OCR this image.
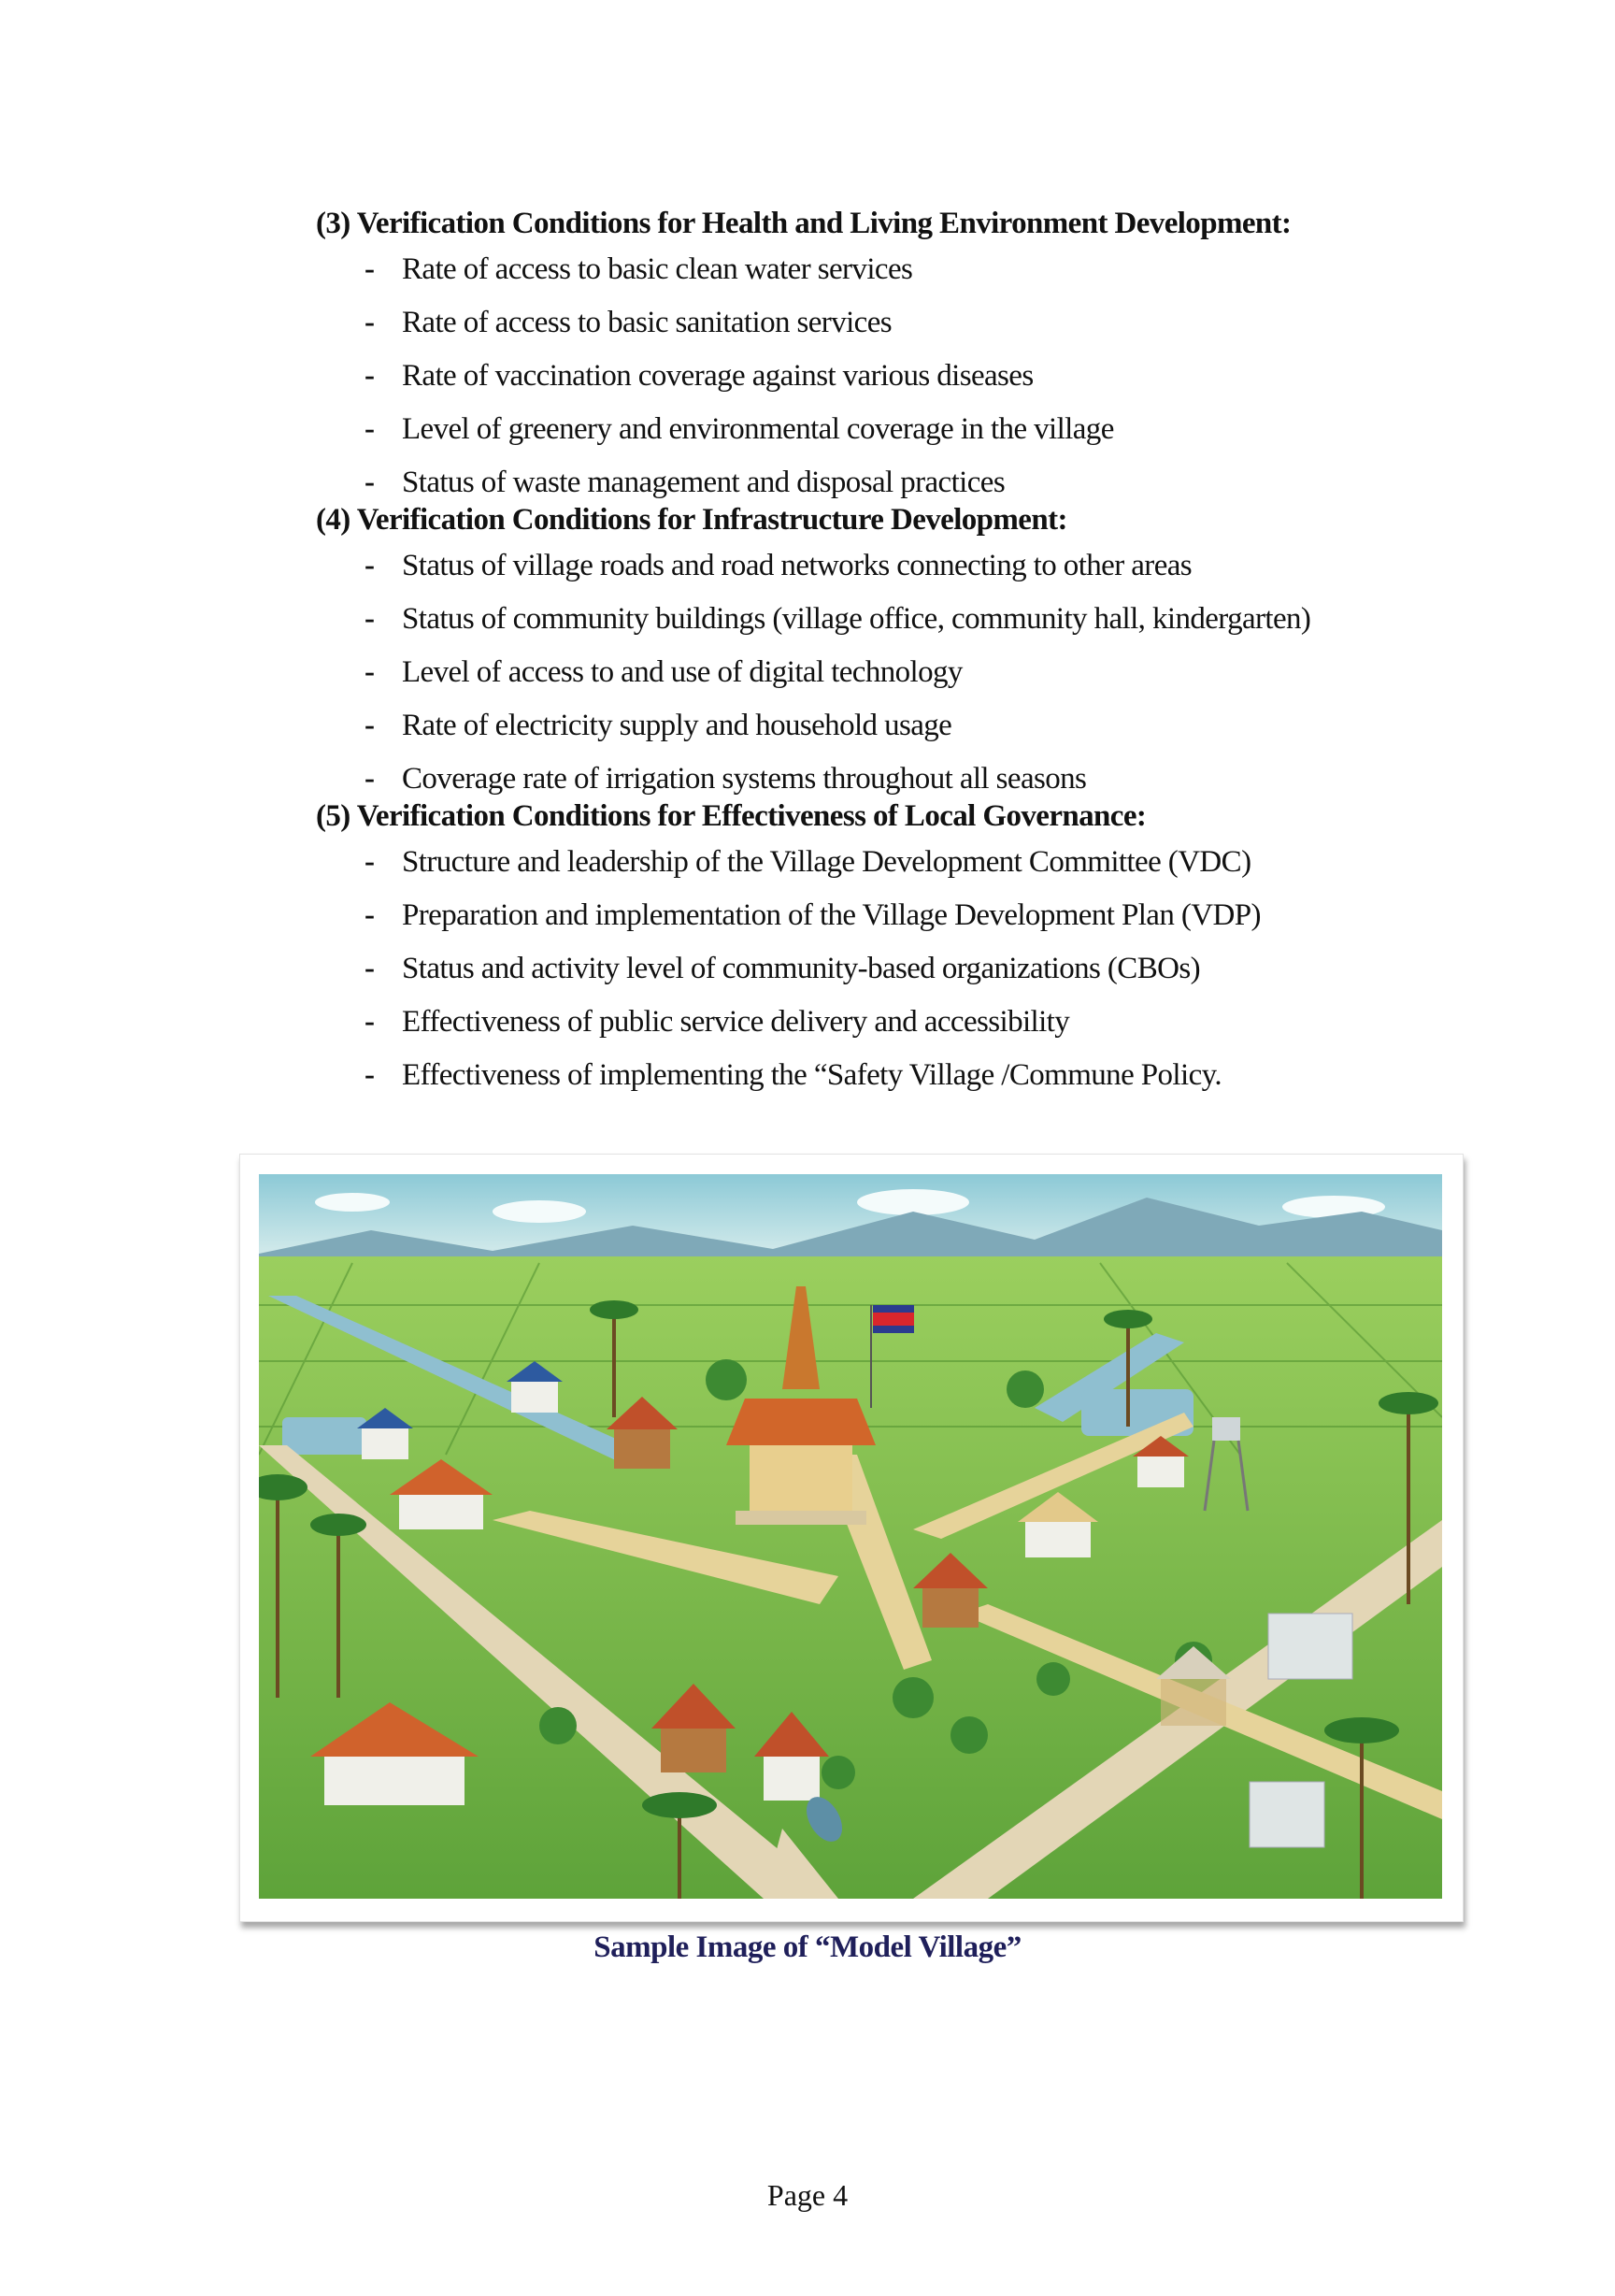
(3) Verification Conditions for Health and Living Environment Development:

- Rate of access to basic clean water services
- Rate of access to basic sanitation services
- Rate of vaccination coverage against various diseases
- Level of greenery and environmental coverage in the village
- Status of waste management and disposal practices

(4) Verification Conditions for Infrastructure Development:

- Status of village roads and road networks connecting to other areas
- Status of community buildings (village office, community hall, kindergarten)
- Level of access to and use of digital technology
- Rate of electricity supply and household usage
- Coverage rate of irrigation systems throughout all seasons

(5) Verification Conditions for Effectiveness of Local Governance:

- Structure and leadership of the Village Development Committee (VDC)
- Preparation and implementation of the Village Development Plan (VDP)
- Status and activity level of community-based organizations (CBOs)
- Effectiveness of public service delivery and accessibility
- Effectiveness of implementing the “Safety Village /Commune Policy.
Sample Image of “Model Village”
Page 4
